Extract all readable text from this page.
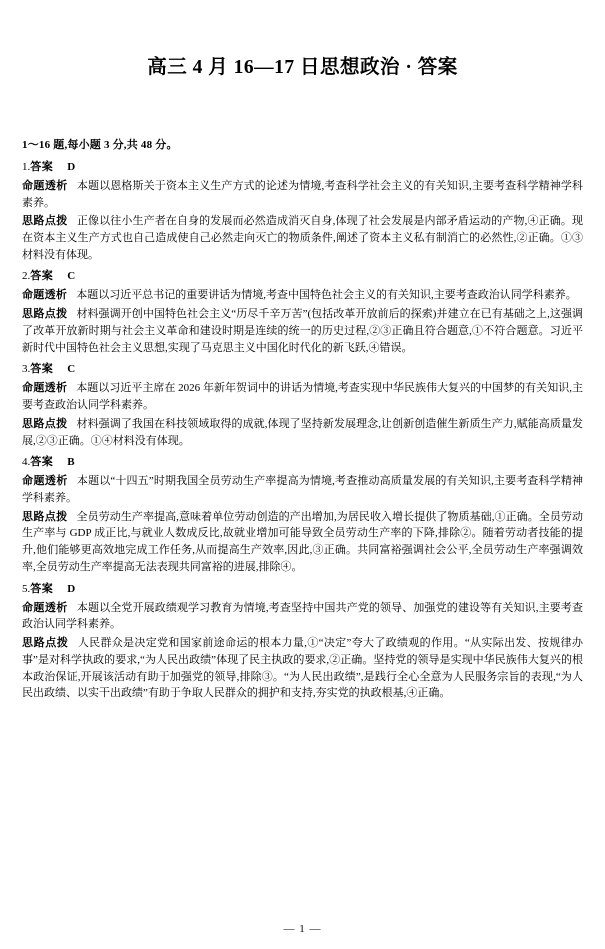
高三 4 月 16—17 日思想政治 · 答案
1～16 题,每小题 3 分,共 48 分。
1.答案 D
命题透析 本题以恩格斯关于资本主义生产方式的论述为情境,考查科学社会主义的有关知识,主要考查科学精神学科素养。
思路点拨 正像以往小生产者在自身的发展而必然造成消灭自身,体现了社会发展是内部矛盾运动的产物,④正确。现在资本主义生产方式也自己造成使自己必然走向灭亡的物质条件,阐述了资本主义私有制消亡的必然性,②正确。①③材料没有体现。
2.答案 C
命题透析 本题以习近平总书记的重要讲话为情境,考查中国特色社会主义的有关知识,主要考查政治认同学科素养。
思路点拨 材料强调开创中国特色社会主义“历尽千辛万苦”(包括改革开放前后的探索)并建立在已有基础之上,这强调了改革开放新时期与社会主义革命和建设时期是连续的统一的历史过程,②③正确且符合题意,①不符合题意。习近平新时代中国特色社会主义思想,实现了马克思主义中国化时代化的新飞跃,④错误。
3.答案 C
命题透析 本题以习近平主席在 2026 年新年贺词中的讲话为情境,考查实现中华民族伟大复兴的中国梦的有关知识,主要考查政治认同学科素养。
思路点拨 材料强调了我国在科技领域取得的成就,体现了坚持新发展理念,让创新创造催生新质生产力,赋能高质量发展,②③正确。①④材料没有体现。
4.答案 B
命题透析 本题以“十四五”时期我国全员劳动生产率提高为情境,考查推动高质量发展的有关知识,主要考查科学精神学科素养。
思路点拨 全员劳动生产率提高,意味着单位劳动创造的产出增加,为居民收入增长提供了物质基础,①正确。全员劳动生产率与 GDP 成正比,与就业人数成反比,故就业增加可能导致全员劳动生产率的下降,排除②。随着劳动者技能的提升,他们能够更高效地完成工作任务,从而提高生产效率,因此,③正确。共同富裕强调社会公平,全员劳动生产率强调效率,全员劳动生产率提高无法表现共同富裕的进展,排除④。
5.答案 D
命题透析 本题以全党开展政绩观学习教育为情境,考查坚持中国共产党的领导、加强党的建设等有关知识,主要考查政治认同学科素养。
思路点拨 人民群众是决定党和国家前途命运的根本力量,①“决定”夸大了政绩观的作用。“从实际出发、按规律办事”是对科学执政的要求,“为人民出政绩”体现了民主执政的要求,②正确。坚持党的领导是实现中华民族伟大复兴的根本政治保证,开展该活动有助于加强党的领导,排除③。“为人民出政绩”,是践行全心全意为人民服务宗旨的表现,“为人民出政绩、以实干出政绩”有助于争取人民群众的拥护和支持,夯实党的执政根基,④正确。
— 1 —
